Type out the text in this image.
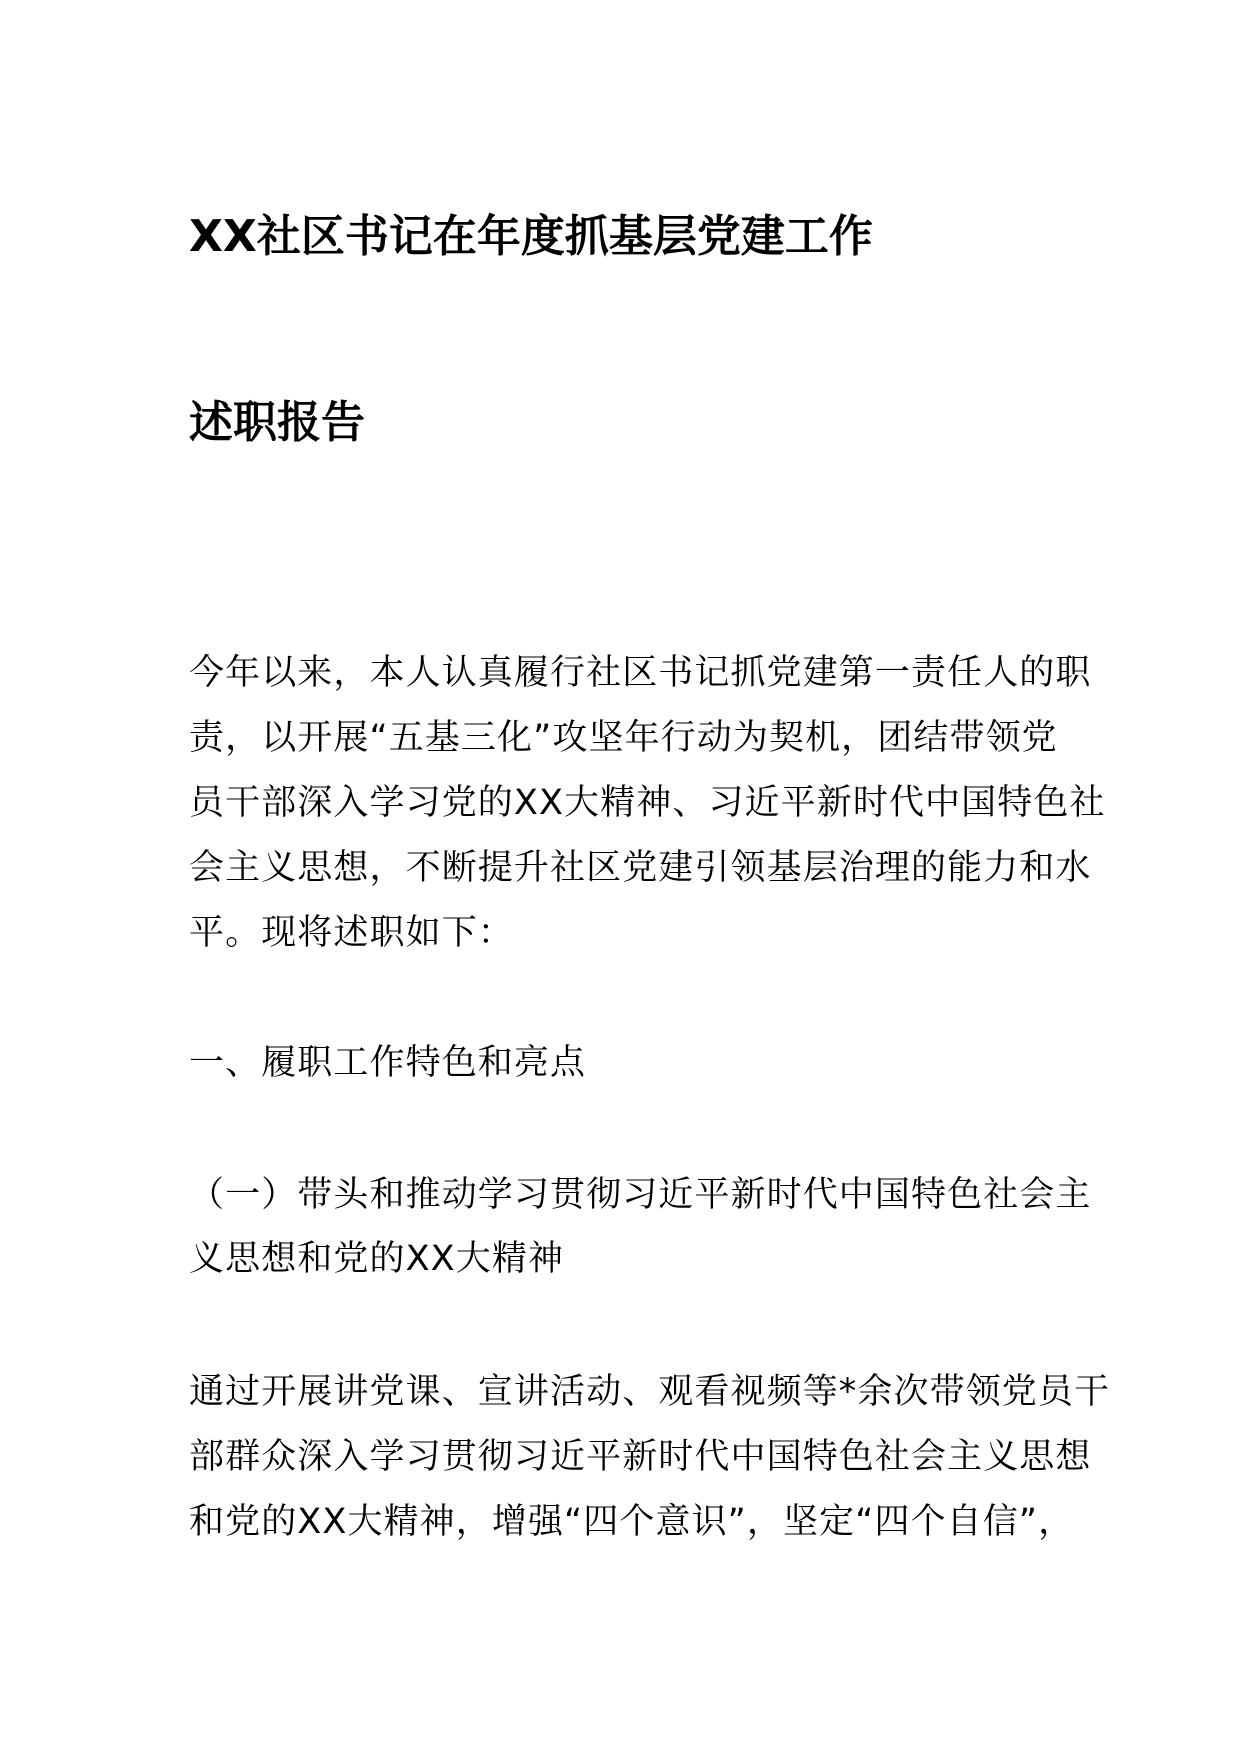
XX社区书记在年度抓基层党建工作
述职报告
今年以来，本人认真履行社区书记抓党建第一责任人的职
责，以开展“五基三化”攻坚年行动为契机，团结带领党
员干部深入学习党的XX大精神、习近平新时代中国特色社
会主义思想，不断提升社区党建引领基层治理的能力和水
平。现将述职如下：
一、履职工作特色和亮点
（一）带头和推动学习贯彻习近平新时代中国特色社会主
义思想和党的XX大精神
通过开展讲党课、宣讲活动、观看视频等*余次带领党员干
部群众深入学习贯彻习近平新时代中国特色社会主义思想
和党的XX大精神，增强“四个意识”，坚定“四个自信”，
